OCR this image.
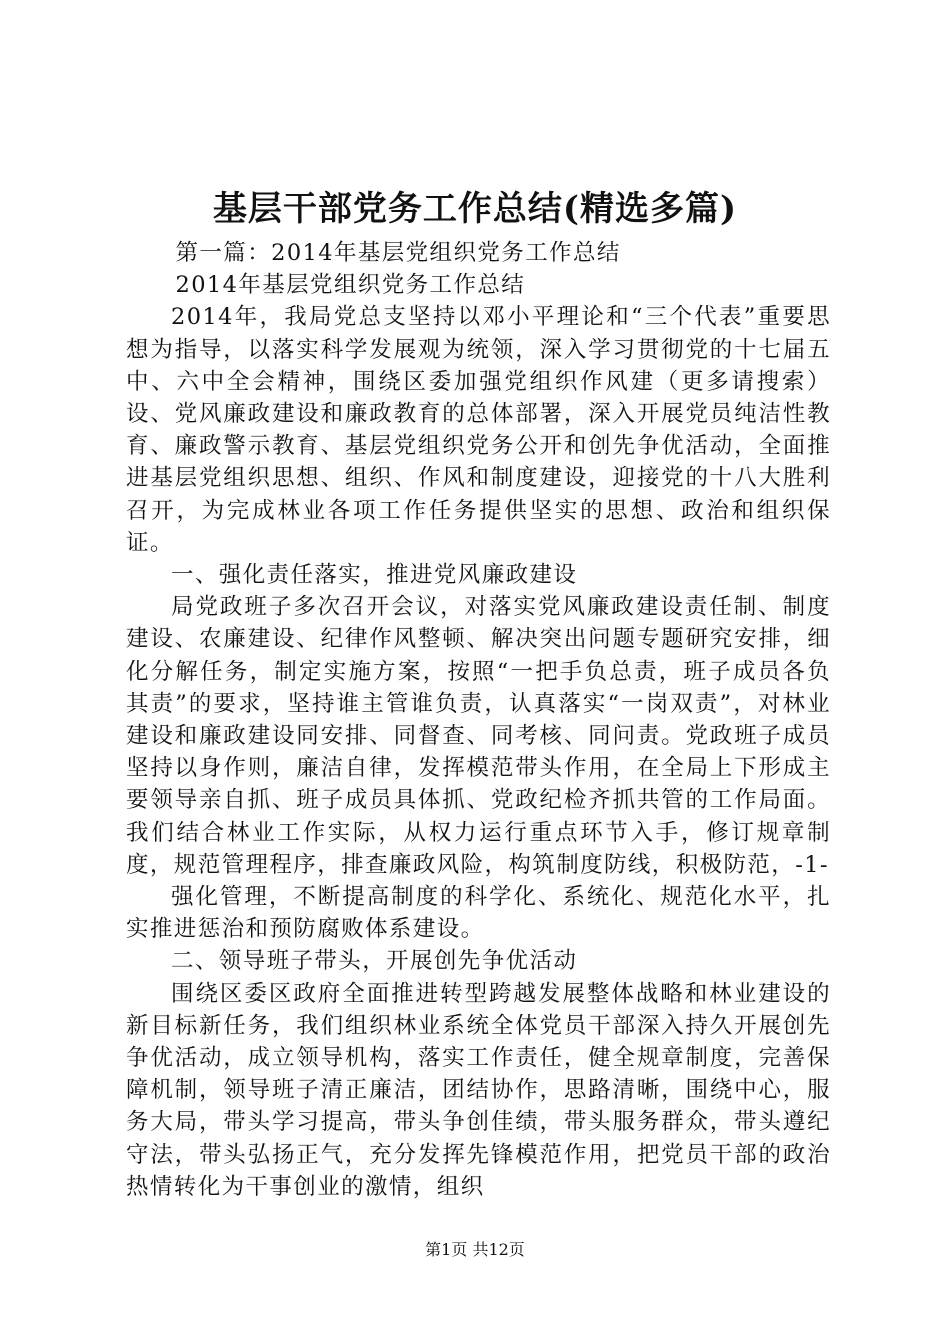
基层干部党务工作总结(精选多篇)

第一篇：2014年基层党组织党务工作总结

2014年基层党组织党务工作总结

2014年，我局党总支坚持以邓小平理论和“三个代表”重要思想为指导，以落实科学发展观为统领，深入学习贯彻党的十七届五中、六中全会精神，围绕区委加强党组织作风建（更多请搜索）设、党风廉政建设和廉政教育的总体部署，深入开展党员纯洁性教育、廉政警示教育、基层党组织党务公开和创先争优活动，全面推进基层党组织思想、组织、作风和制度建设，迎接党的十八大胜利召开，为完成林业各项工作任务提供坚实的思想、政治和组织保证。

一、强化责任落实，推进党风廉政建设

局党政班子多次召开会议，对落实党风廉政建设责任制、制度建设、农廉建设、纪律作风整顿、解决突出问题专题研究安排，细化分解任务，制定实施方案，按照“一把手负总责，班子成员各负其责”的要求，坚持谁主管谁负责，认真落实“一岗双责”，对林业建设和廉政建设同安排、同督查、同考核、同问责。党政班子成员坚持以身作则，廉洁自律，发挥模范带头作用，在全局上下形成主要领导亲自抓、班子成员具体抓、党政纪检齐抓共管的工作局面。我们结合林业工作实际，从权力运行重点环节入手，修订规章制度，规范管理程序，排查廉政风险，构筑制度防线，积极防范，-1-

强化管理，不断提高制度的科学化、系统化、规范化水平，扎实推进惩治和预防腐败体系建设。

二、领导班子带头，开展创先争优活动

围绕区委区政府全面推进转型跨越发展整体战略和林业建设的新目标新任务，我们组织林业系统全体党员干部深入持久开展创先争优活动，成立领导机构，落实工作责任，健全规章制度，完善保障机制，领导班子清正廉洁，团结协作，思路清晰，围绕中心，服务大局，带头学习提高，带头争创佳绩，带头服务群众，带头遵纪守法，带头弘扬正气，充分发挥先锋模范作用，把党员干部的政治热情转化为干事创业的激情，组织

第1页 共12页
